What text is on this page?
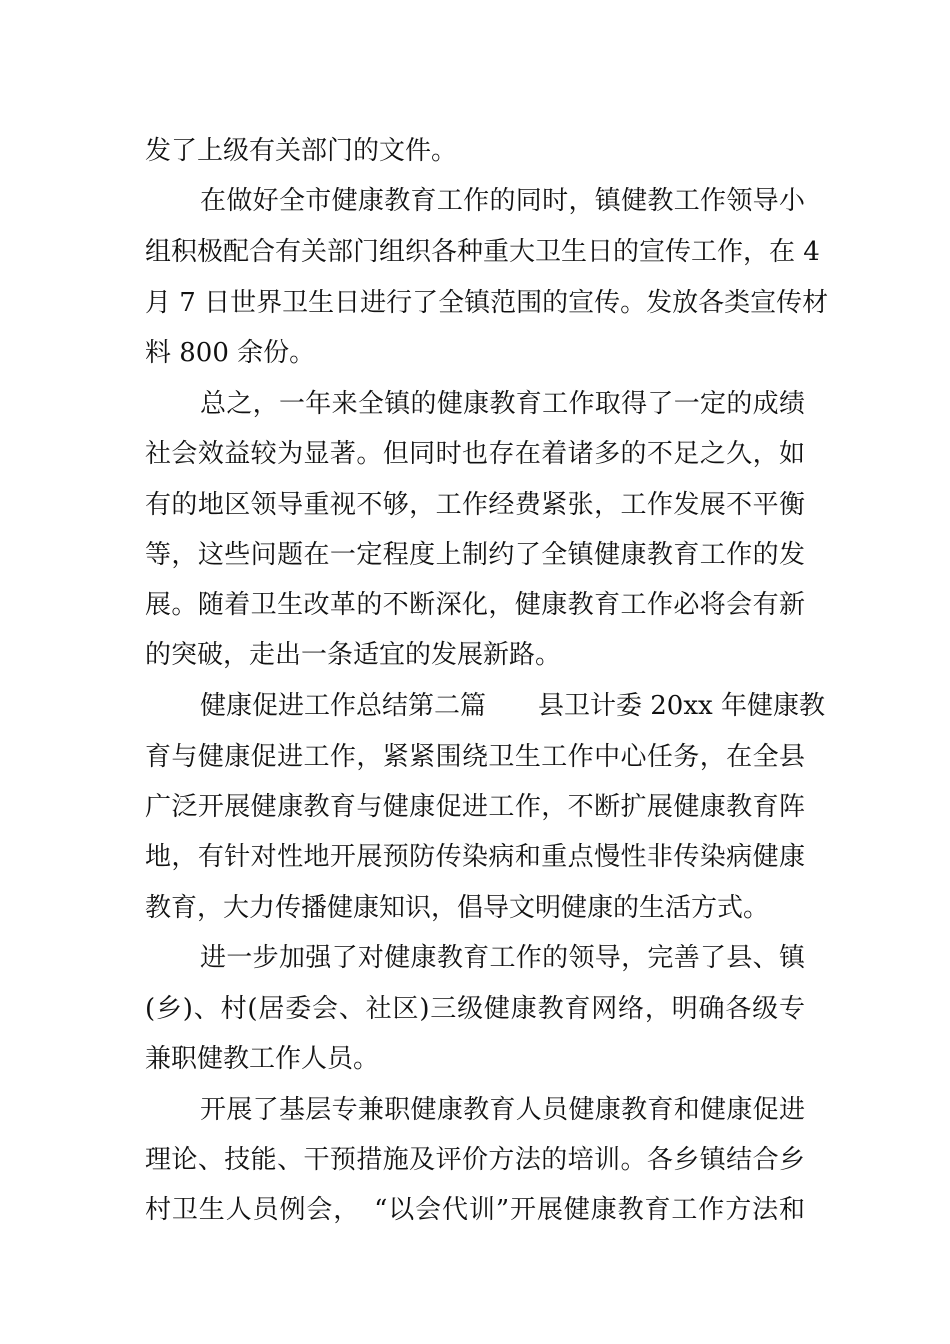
发了上级有关部门的文件。
在做好全市健康教育工作的同时，镇健教工作领导小
组积极配合有关部门组织各种重大卫生日的宣传工作，在 4
月 7 日世界卫生日进行了全镇范围的宣传。发放各类宣传材
料 800 余份。
总之，一年来全镇的健康教育工作取得了一定的成绩
社会效益较为显著。但同时也存在着诸多的不足之久，如
有的地区领导重视不够，工作经费紧张，工作发展不平衡
等，这些问题在一定程度上制约了全镇健康教育工作的发
展。随着卫生改革的不断深化，健康教育工作必将会有新
的突破，走出一条适宜的发展新路。
健康促进工作总结第二篇　　县卫计委 20xx 年健康教
育与健康促进工作，紧紧围绕卫生工作中心任务，在全县
广泛开展健康教育与健康促进工作，不断扩展健康教育阵
地，有针对性地开展预防传染病和重点慢性非传染病健康
教育，大力传播健康知识，倡导文明健康的生活方式。
进一步加强了对健康教育工作的领导，完善了县、镇
(乡)、村(居委会、社区)三级健康教育网络，明确各级专
兼职健教工作人员。
开展了基层专兼职健康教育人员健康教育和健康促进
理论、技能、干预措施及评价方法的培训。各乡镇结合乡
村卫生人员例会，　“以会代训”开展健康教育工作方法和
